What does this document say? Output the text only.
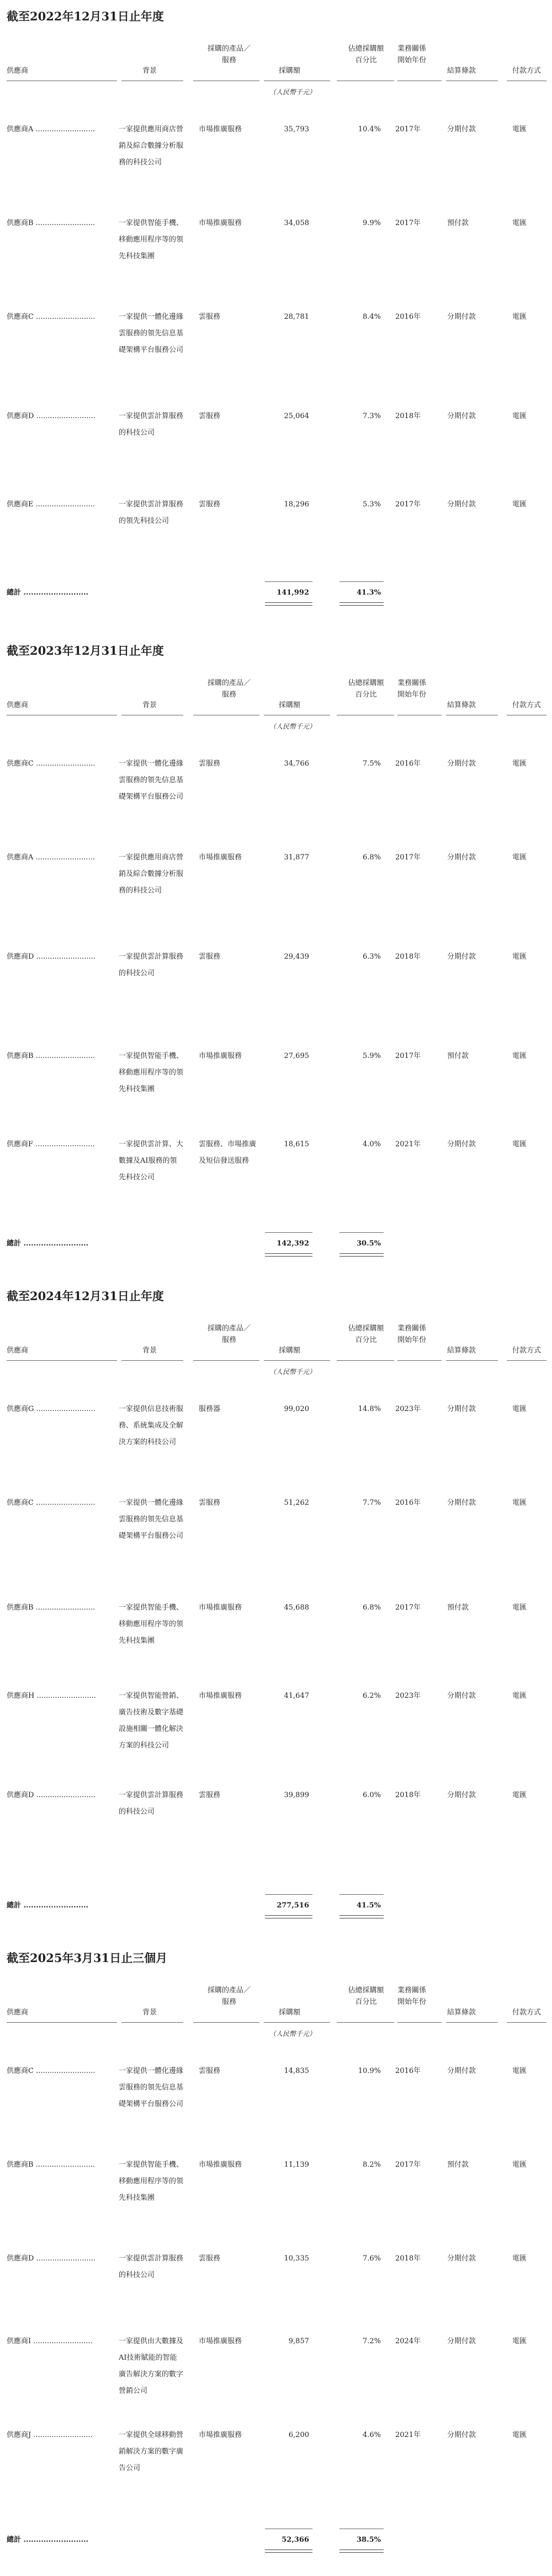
截至2022年12月31日止年度
供應商	背景
採購的產品／服務
採購額
佔總採購額百分比
業務關係開始年份
結算條款	付款方式
（人民幣千元）
供應商A ..........................	一家提供應用商店營銷及綜合數據分析服務的科技公司
市場推廣服務	35,793	10.4% 2017年	分期付款	電匯
供應商B ..........................	一家提供智能手機、移動應用程序等的領先科技集團
市場推廣服務	34,058	9.9% 2017年	預付款	電匯
供應商C ..........................	一家提供一體化邊緣雲服務的領先信息基礎架構平台服務公司
雲服務	28,781	8.4% 2016年	分期付款	電匯
供應商D ..........................	一家提供雲計算服務的科技公司
雲服務	25,064	7.3% 2018年	分期付款	電匯
供應商E ..........................	一家提供雲計算服務的領先科技公司
雲服務	18,296	5.3% 2017年	分期付款	電匯
總計 ..........................	141,992	41.3%
截至2023年12月31日止年度
供應商	背景
採購的產品／服務
採購額
佔總採購額百分比
業務關係開始年份
結算條款	付款方式
（人民幣千元）
供應商C ..........................	一家提供一體化邊緣雲服務的領先信息基礎架構平台服務公司
雲服務	34,766	7.5% 2016年	分期付款	電匯
供應商A ..........................	一家提供應用商店營銷及綜合數據分析服務的科技公司
市場推廣服務	31,877	6.8% 2017年	分期付款	電匯
供應商D ..........................	一家提供雲計算服務的科技公司
雲服務	29,439	6.3% 2018年	分期付款	電匯
供應商B ..........................	一家提供智能手機、移動應用程序等的領先科技集團
市場推廣服務	27,695	5.9% 2017年	預付款	電匯
供應商F ..........................	一家提供雲計算、大數據及AI服務的領先科技公司
雲服務、市場推廣及短信發送服務
18,615	4.0% 2021年	分期付款	電匯
總計 ..........................	142,392	30.5%
截至2024年12月31日止年度
供應商	背景
採購的產品／服務
採購額
佔總採購額百分比
業務關係開始年份
結算條款	付款方式
（人民幣千元）
供應商G ..........................	一家提供信息技術服務、系統集成及全解決方案的科技公司
服務器	99,020	14.8% 2023年	分期付款	電匯
供應商C ..........................	一家提供一體化邊緣雲服務的領先信息基礎架構平台服務公司
雲服務	51,262	7.7% 2016年	分期付款	電匯
供應商B ..........................	一家提供智能手機、移動應用程序等的領先科技集團
市場推廣服務	45,688	6.8% 2017年	預付款	電匯
供應商H ..........................	一家提供智能營銷、廣告技術及數字基礎設施相關一體化解決方案的科技公司
市場推廣服務	41,647	6.2% 2023年	分期付款	電匯
供應商D ..........................	一家提供雲計算服務的科技公司
雲服務	39,899	6.0% 2018年	分期付款	電匯
總計 ..........................	277,516	41.5%
截至2025年3月31日止三個月
供應商	背景
採購的產品／服務
採購額
佔總採購額百分比
業務關係開始年份
結算條款	付款方式
（人民幣千元）
供應商C ..........................	一家提供一體化邊緣雲服務的領先信息基礎架構平台服務公司
雲服務	14,835	10.9% 2016年	分期付款	電匯
供應商B ..........................	一家提供智能手機、移動應用程序等的領先科技集團
市場推廣服務	11,139	8.2% 2017年	預付款	電匯
供應商D ..........................	一家提供雲計算服務的科技公司
雲服務	10,335	7.6% 2018年	分期付款	電匯
供應商I ..........................	一家提供由大數據及AI技術賦能的智能廣告解決方案的數字營銷公司
市場推廣服務	9,857	7.2% 2024年	分期付款	電匯
供應商J ..........................	一家提供全球移動營銷解決方案的數字廣告公司
市場推廣服務	6,200	4.6% 2021年	分期付款	電匯
總計 ..........................	52,366	38.5%
